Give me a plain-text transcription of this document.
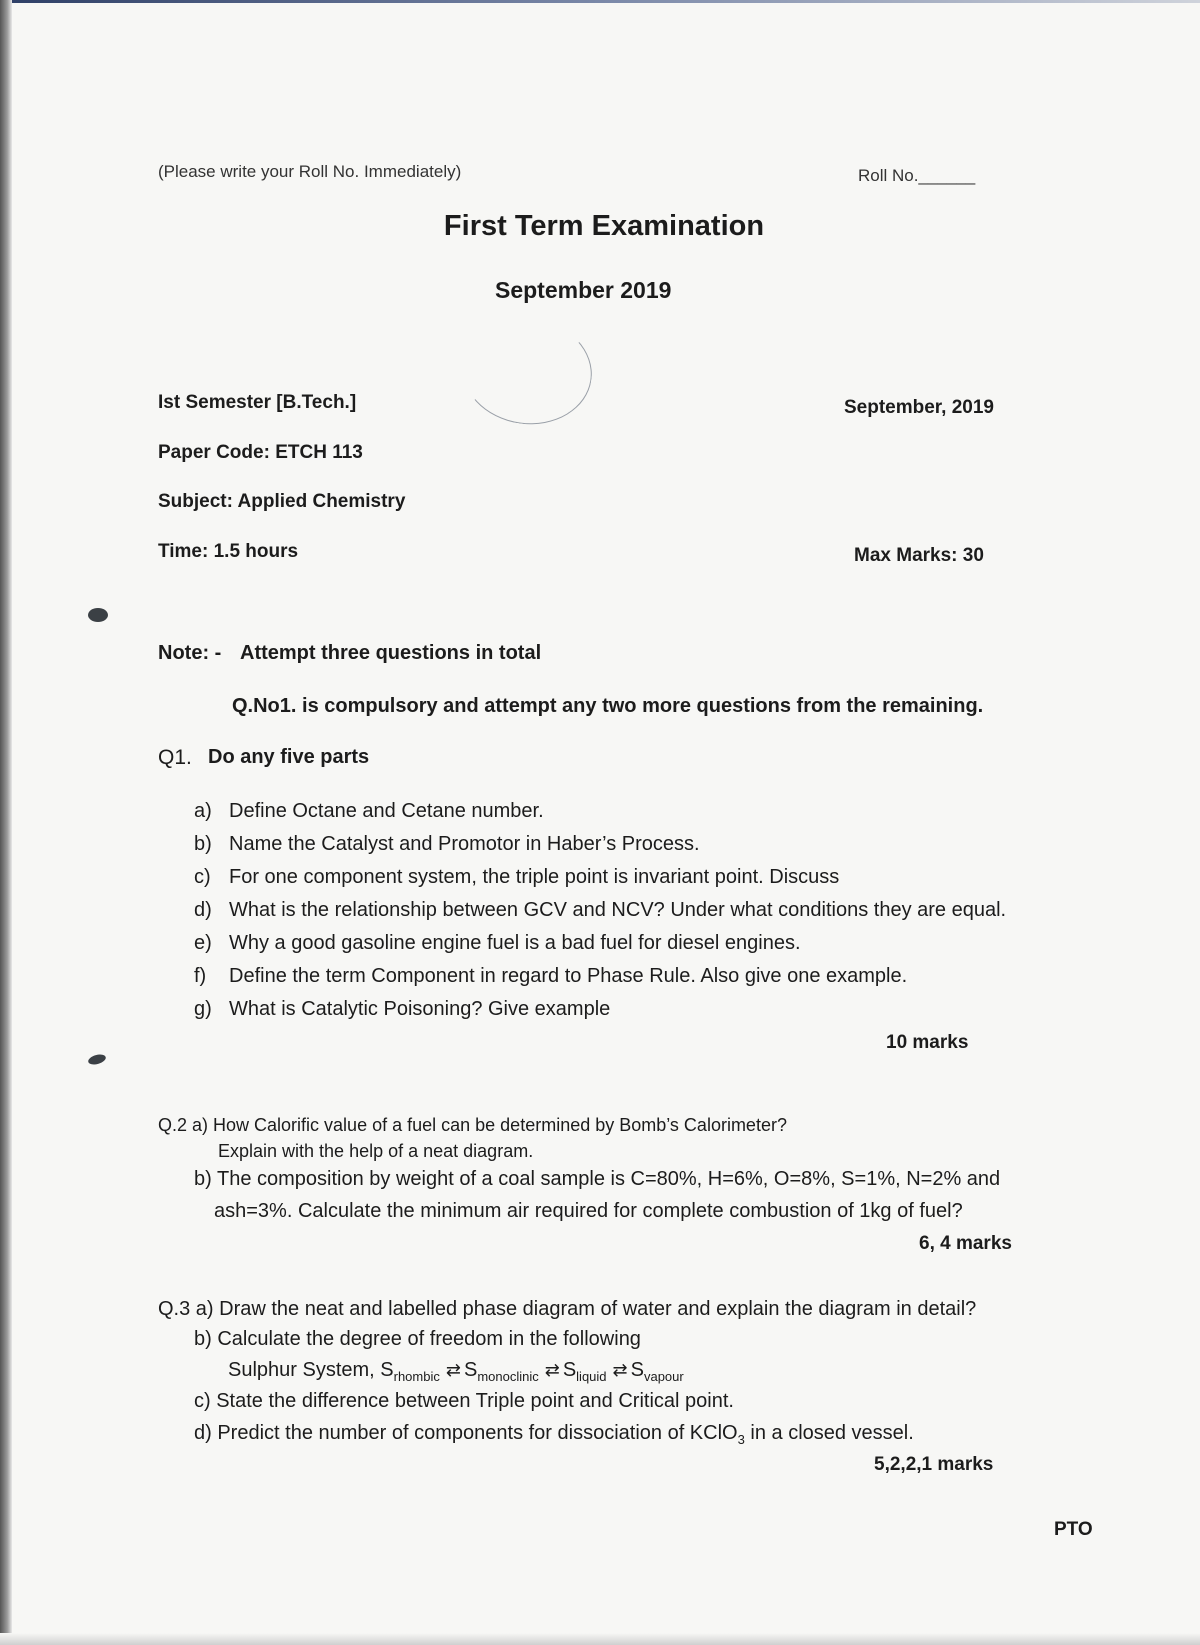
(Please write your Roll No. Immediately)	Roll No.______
First Term Examination
September 2019
Ist Semester [B.Tech.]	September, 2019
Paper Code: ETCH 113
Subject: Applied Chemistry
Time: 1.5 hours	Max Marks: 30
Note: - Attempt three questions in total
Q.No1. is compulsory and attempt any two more questions from the remaining.
Q1. Do any five parts
a) Define Octane and Cetane number.
b) Name the Catalyst and Promotor in Haber’s Process.
c) For one component system, the triple point is invariant point. Discuss
d) What is the relationship between GCV and NCV? Under what conditions they are equal.
e) Why a good gasoline engine fuel is a bad fuel for diesel engines.
f) Define the term Component in regard to Phase Rule. Also give one example.
g) What is Catalytic Poisoning? Give example
10 marks
Q.2 a) How Calorific value of a fuel can be determined by Bomb’s Calorimeter?
Explain with the help of a neat diagram.
b) The composition by weight of a coal sample is C=80%, H=6%, O=8%, S=1%, N=2% and
ash=3%. Calculate the minimum air required for complete combustion of 1kg of fuel?
6, 4 marks
Q.3 a) Draw the neat and labelled phase diagram of water and explain the diagram in detail?
b) Calculate the degree of freedom in the following
Sulphur System, $S_{rhombic}$ ⇄ $S_{monoclinic}$ ⇄ $S_{liquid}$ ⇄ $S_{vapour}$
c) State the difference between Triple point and Critical point.
d) Predict the number of components for dissociation of KClO$_3$ in a closed vessel.
5,2,2,1 marks
PTO
